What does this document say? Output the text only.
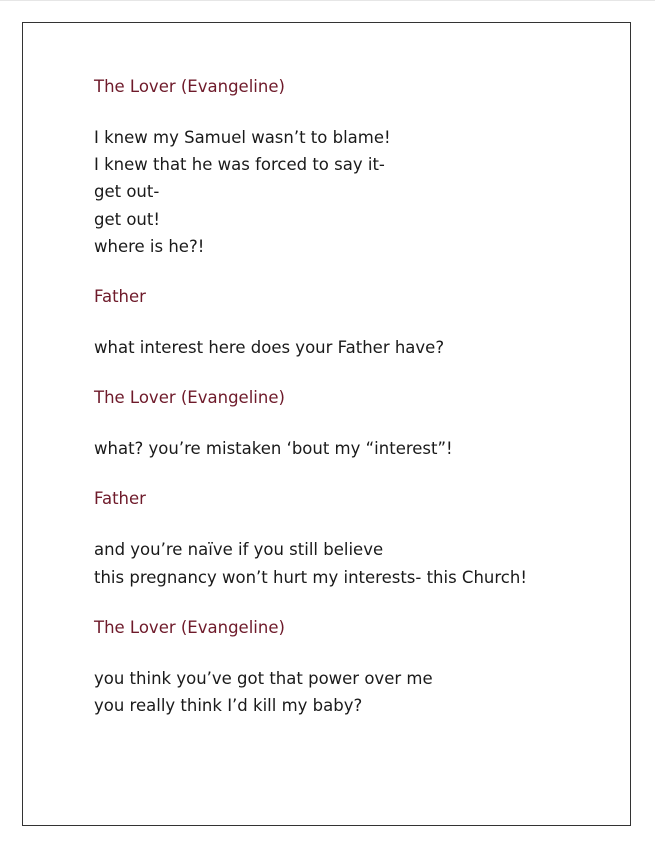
The Lover (Evangeline)
I knew my Samuel wasn’t to blame!
I knew that he was forced to say it-
get out-
get out!
where is he?!
Father
what interest here does your Father have?
The Lover (Evangeline)
what? you’re mistaken ‘bout my “interest”!
Father
and you’re naïve if you still believe
this pregnancy won’t hurt my interests- this Church!
The Lover (Evangeline)
you think you’ve got that power over me
you really think I’d kill my baby?
